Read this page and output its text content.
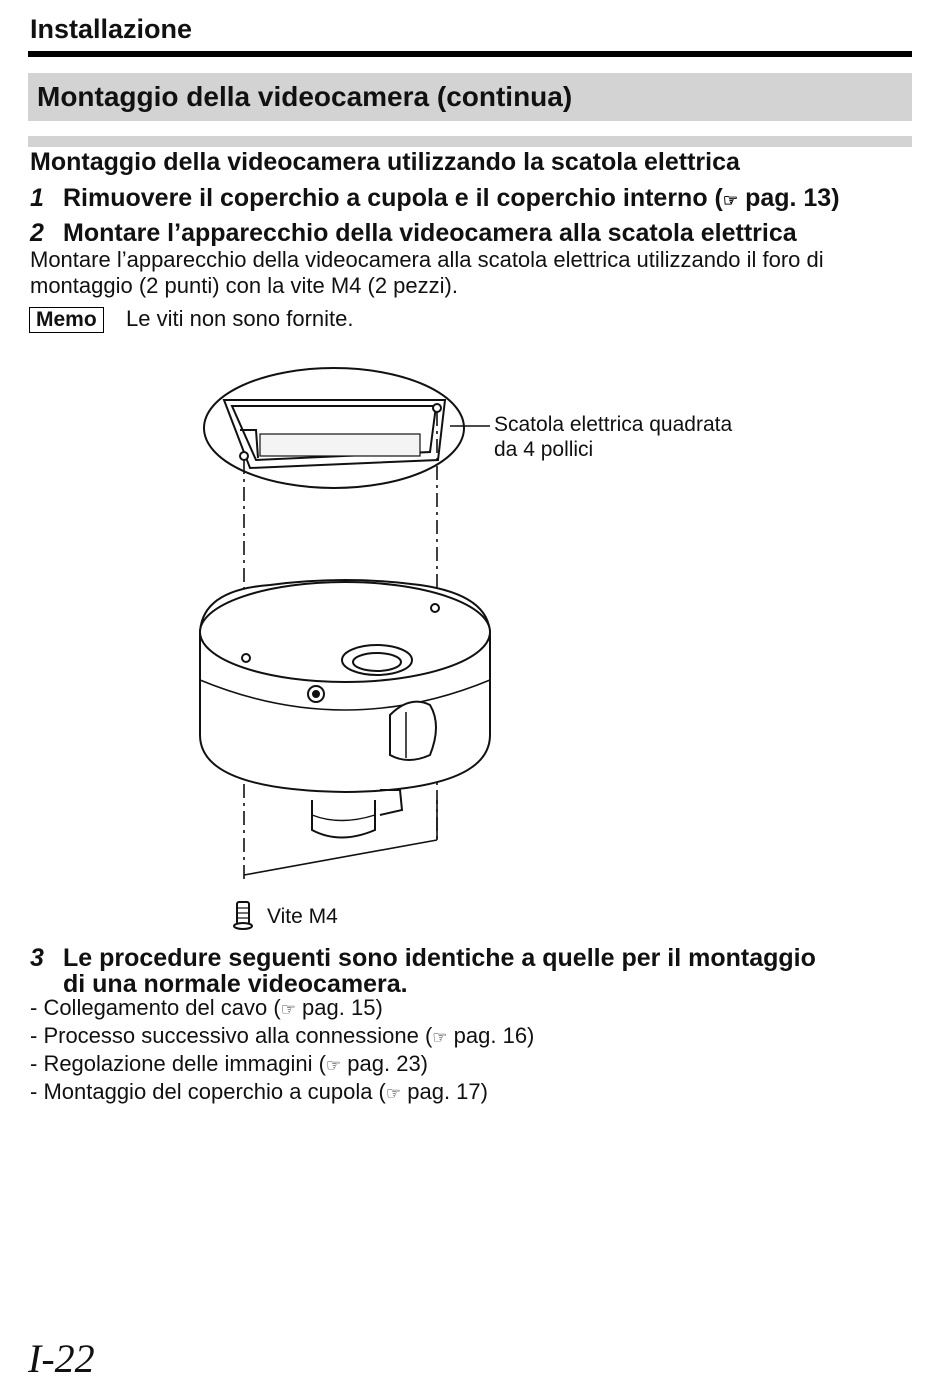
Installazione
Montaggio della videocamera (continua)
Montaggio della videocamera utilizzando la scatola elettrica
1 Rimuovere il coperchio a cupola e il coperchio interno (☞ pag. 13)
2 Montare l’apparecchio della videocamera alla scatola elettrica
Montare l’apparecchio della videocamera alla scatola elettrica utilizzando il foro di
montaggio (2 punti) con la vite M4 (2 pezzi).
Memo	Le viti non sono fornite.
Scatola elettrica quadrata
da 4 pollici
Vite M4
3 Le procedure seguenti sono identiche a quelle per il montaggio
di una normale videocamera.
- Collegamento del cavo (☞ pag. 15)
- Processo successivo alla connessione (☞ pag. 16)
- Regolazione delle immagini (☞ pag. 23)
- Montaggio del coperchio a cupola (☞ pag. 17)
I-22
